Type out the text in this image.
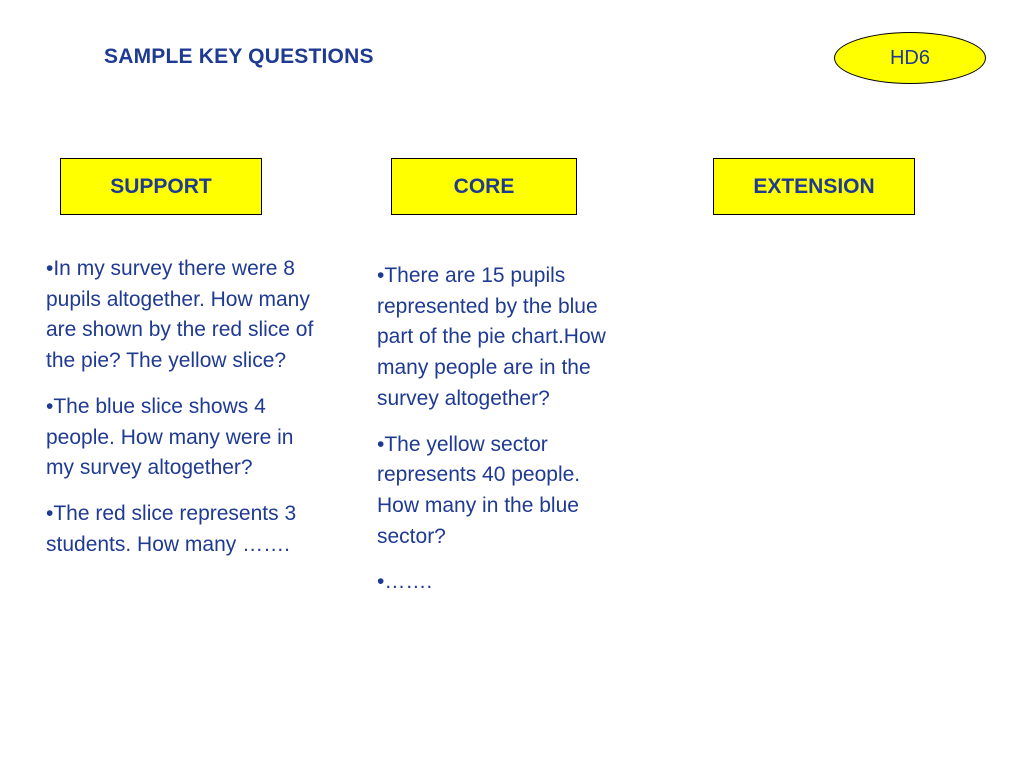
SAMPLE KEY QUESTIONS	HD6
SUPPORT	CORE	EXTENSION

•In my survey there were 8 pupils altogether. How many are shown by the red slice of the pie? The yellow slice?

•The blue slice shows 4 people. How many were in my survey altogether?

•The red slice represents 3 students. How many …….

•There are 15 pupils represented by the blue part of the pie chart.How many people are in the survey altogether?

•The yellow sector represents 40 people. How many in the blue sector?

•…….
